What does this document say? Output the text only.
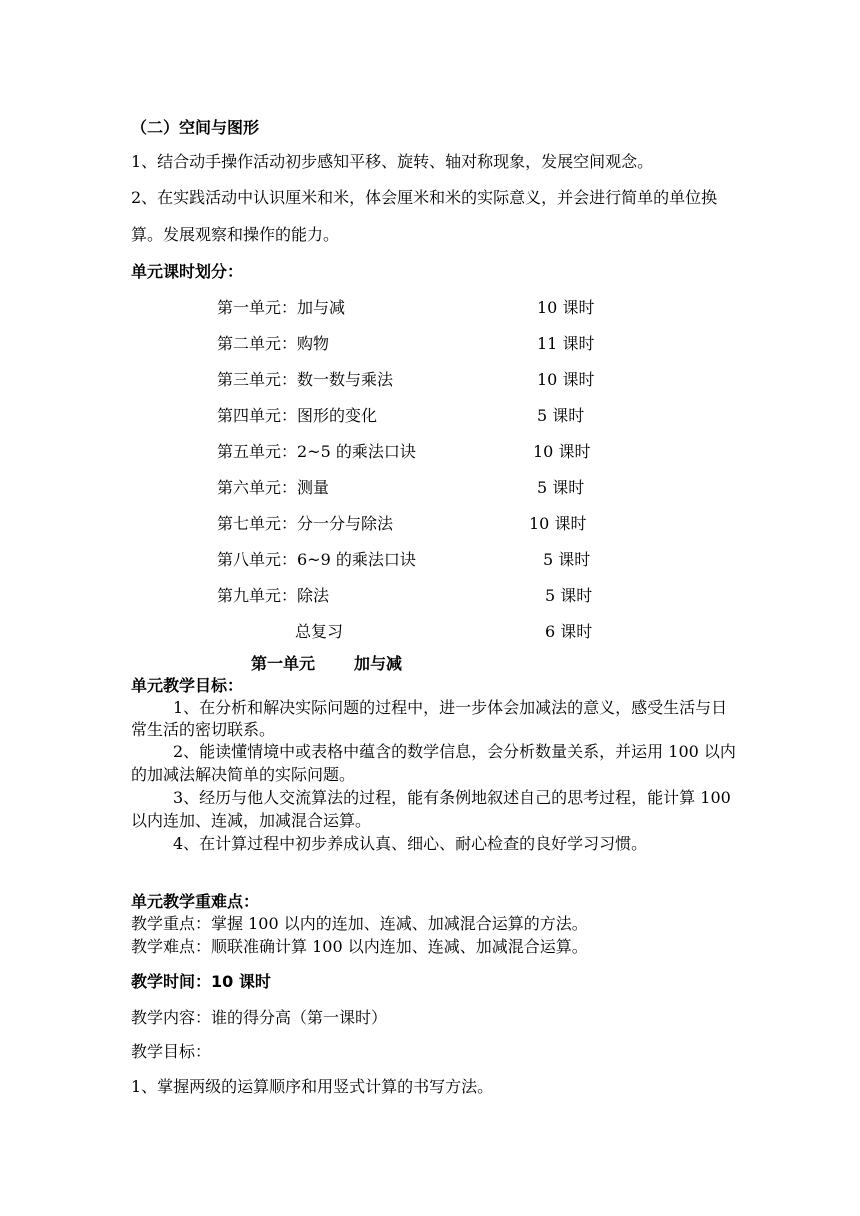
（二）空间与图形
1、结合动手操作活动初步感知平移、旋转、轴对称现象，发展空间观念。
2、在实践活动中认识厘米和米，体会厘米和米的实际意义，并会进行简单的单位换
算。发展观察和操作的能力。
单元课时划分：
第一单元：加与减	10 课时
第二单元：购物	11 课时
第三单元：数一数与乘法	10 课时
第四单元：图形的变化	5 课时
第五单元：2~5 的乘法口诀	10 课时
第六单元：测量	5 课时
第七单元：分一分与除法	10 课时
第八单元：6~9 的乘法口诀	5 课时
第九单元：除法	5 课时
总复习	6 课时
第一单元 加与减
单元教学目标：
1、在分析和解决实际问题的过程中，进一步体会加减法的意义，感受生活与日
常生活的密切联系。
2、能读懂情境中或表格中蕴含的数学信息，会分析数量关系，并运用 100 以内
的加减法解决简单的实际问题。
3、经历与他人交流算法的过程，能有条例地叙述自己的思考过程，能计算 100
以内连加、连减，加减混合运算。
4、在计算过程中初步养成认真、细心、耐心检查的良好学习习惯。
单元教学重难点：
教学重点：掌握 100 以内的连加、连减、加减混合运算的方法。
教学难点：顺联准确计算 100 以内连加、连减、加减混合运算。
教学时间：10 课时
教学内容：谁的得分高（第一课时）
教学目标：
1、掌握两级的运算顺序和用竖式计算的书写方法。
